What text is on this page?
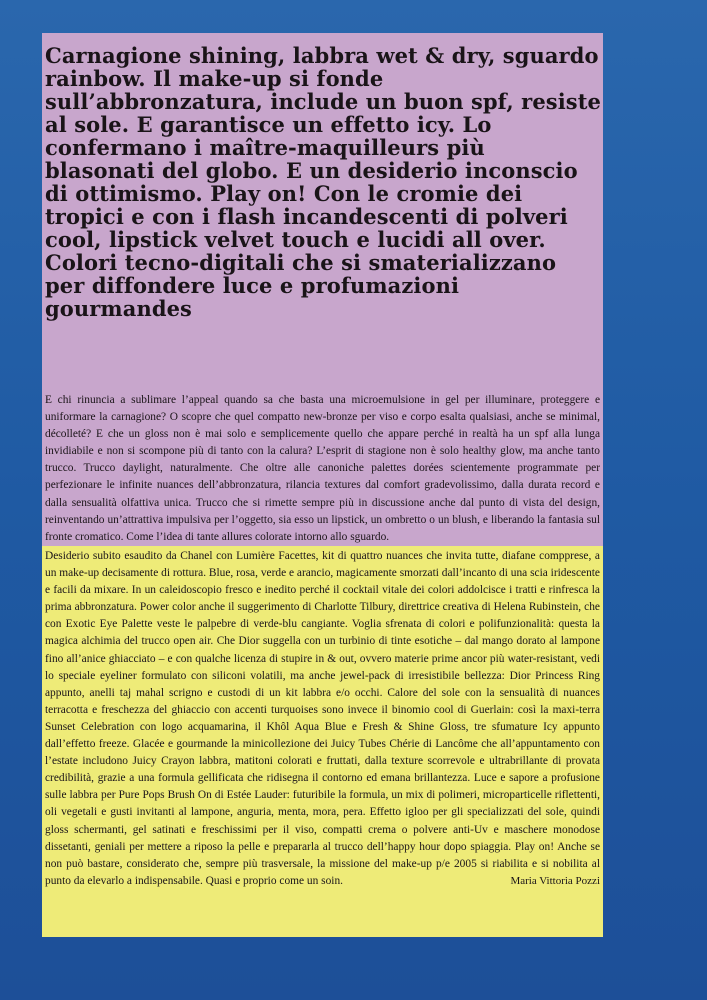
Carnagione shining, labbra wet & dry, sguardo rainbow. Il make-up si fonde sull’abbronzatura, include un buon spf, resiste al sole. E garantisce un effetto icy. Lo confermano i maître-maquilleurs più blasonati del globo. E un desiderio inconscio di ottimismo. Play on! Con le cromie dei tropici e con i flash incandescenti di polveri cool, lipstick velvet touch e lucidi all over. Colori tecno-digitali che si smaterializzano per diffondere luce e profumazioni gourmandes

E chi rinuncia a sublimare l’appeal quando sa che basta una microemulsione in gel per illuminare, proteggere e uniformare la carnagione? O scopre che quel compatto new-bronze per viso e corpo esalta qualsiasi, anche se minimal, décolleté? E che un gloss non è mai solo e semplicemente quello che appare perché in realtà ha un spf alla lunga invidiabile e non si scompone più di tanto con la calura? L’esprit di stagione non è solo healthy glow, ma anche tanto trucco. Trucco daylight, naturalmente. Che oltre alle canoniche palettes dorées scientemente programmate per perfezionare le infinite nuances dell’abbronzatura, rilancia textures dal comfort gradevolissimo, dalla durata record e dalla sensualità olfattiva unica. Trucco che si rimette sempre più in discussione anche dal punto di vista del design, reinventando un’attrattiva impulsiva per l’oggetto, sia esso un lipstick, un ombretto o un blush, e liberando la fantasia sul fronte cromatico. Come l’idea di tante allures colorate intorno allo sguardo.

Desiderio subito esaudito da Chanel con Lumière Facettes, kit di quattro nuances che invita tutte, diafane compprese, a un make-up decisamente di rottura. Blue, rosa, verde e arancio, magicamente smorzati dall’incanto di una scia iridescente e facili da mixare. In un caleidoscopio fresco e inedito perché il cocktail vitale dei colori addolcisce i tratti e rinfresca la prima abbronzatura. Power color anche il suggerimento di Charlotte Tilbury, direttrice creativa di Helena Rubinstein, che con Exotic Eye Palette veste le palpebre di verde-blu cangiante. Voglia sfrenata di colori e polifunzionalità: questa la magica alchimia del trucco open air. Che Dior suggella con un turbinio di tinte esotiche – dal mango dorato al lampone fino all’anice ghiacciato – e con qualche licenza di stupire in & out, ovvero materie prime ancor più water-resistant, vedi lo speciale eyeliner formulato con siliconi volatili, ma anche jewel-pack di irresistibile bellezza: Dior Princess Ring appunto, anelli taj mahal scrigno e custodi di un kit labbra e/o occhi. Calore del sole con la sensualità di nuances terracotta e freschezza del ghiaccio con accenti turquoises sono invece il binomio cool di Guerlain: così la maxi-terra Sunset Celebration con logo acquamarina, il Khôl Aqua Blue e Fresh & Shine Gloss, tre sfumature Icy appunto dall’effetto freeze. Glacée e gourmande la minicollezione dei Juicy Tubes Chérie di Lancôme che all’appuntamento con l’estate includono Juicy Crayon labbra, matitoni colorati e fruttati, dalla texture scorrevole e ultrabrillante di provata credibilità, grazie a una formula gellificata che ridisegna il contorno ed emana brillantezza. Luce e sapore a profusione sulle labbra per Pure Pops Brush On di Estée Lauder: futuribile la formula, un mix di polimeri, microparticelle riflettenti, oli vegetali e gusti invitanti al lampone, anguria, menta, mora, pera. Effetto igloo per gli specializzati del sole, quindi gloss schermanti, gel satinati e freschissimi per il viso, compatti crema o polvere anti-Uv e maschere monodose dissetanti, geniali per mettere a riposo la pelle e prepararla al trucco dell’happy hour dopo spiaggia. Play on! Anche se non può bastare, considerato che, sempre più trasversale, la missione del make-up p/e 2005 si riabilita e si nobilita al punto da elevarlo a indispensabile. Quasi e proprio come un soin.	Maria Vittoria Pozzi
